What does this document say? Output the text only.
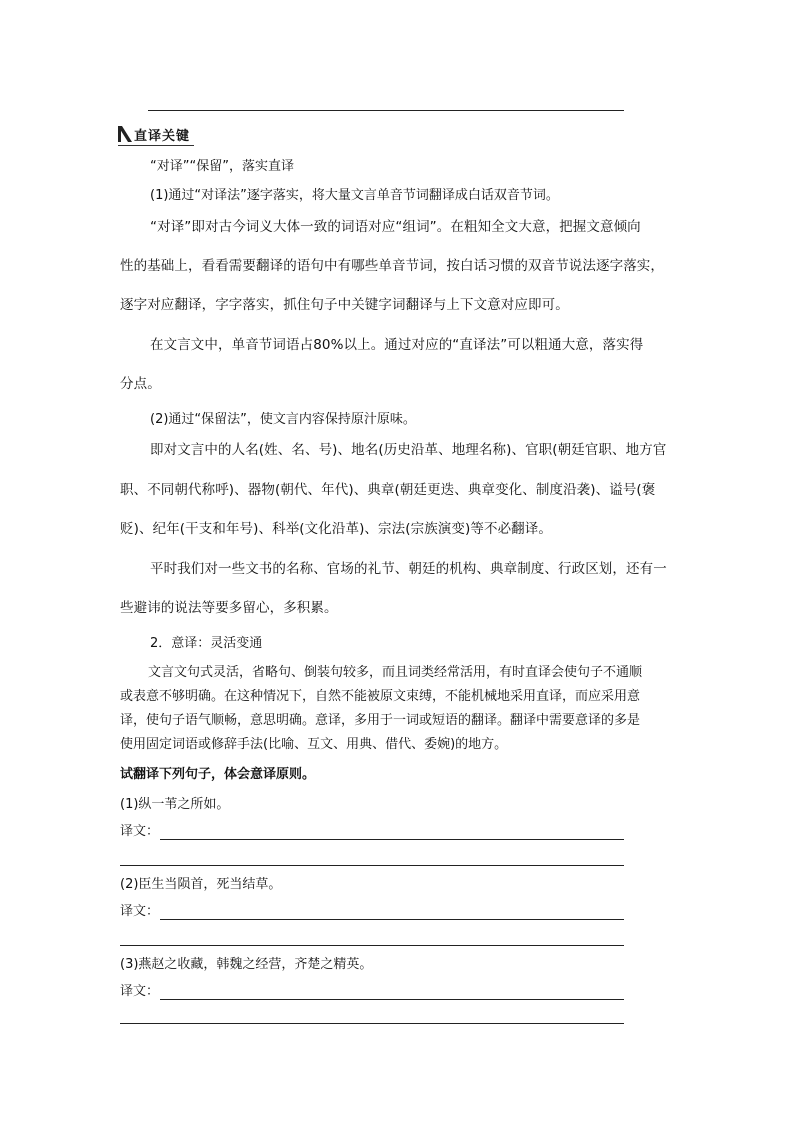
直译关键
“对译”“保留”，落实直译
(1)通过“对译法”逐字落实，将大量文言单音节词翻译成白话双音节词。
“对译”即对古今词义大体一致的词语对应“组词”。在粗知全文大意，把握文意倾向
性的基础上，看看需要翻译的语句中有哪些单音节词，按白话习惯的双音节说法逐字落实，
逐字对应翻译，字字落实，抓住句子中关键字词翻译与上下文意对应即可。
在文言文中，单音节词语占80%以上。通过对应的“直译法”可以粗通大意，落实得
分点。
(2)通过“保留法”，使文言内容保持原汁原味。
即对文言中的人名(姓、名、号)、地名(历史沿革、地理名称)、官职(朝廷官职、地方官
职、不同朝代称呼)、器物(朝代、年代)、典章(朝廷更迭、典章变化、制度沿袭)、谥号(褒
贬)、纪年(干支和年号)、科举(文化沿革)、宗法(宗族演变)等不必翻译。
平时我们对一些文书的名称、官场的礼节、朝廷的机构、典章制度、行政区划，还有一
些避讳的说法等要多留心，多积累。
2．意译：灵活变通
文言文句式灵活，省略句、倒装句较多，而且词类经常活用，有时直译会使句子不通顺
或表意不够明确。在这种情况下，自然不能被原文束缚，不能机械地采用直译，而应采用意
译，使句子语气顺畅，意思明确。意译，多用于一词或短语的翻译。翻译中需要意译的多是
使用固定词语或修辞手法(比喻、互文、用典、借代、委婉)的地方。
试翻译下列句子，体会意译原则。
(1)纵一苇之所如。
译文：
(2)臣生当陨首，死当结草。
译文：
(3)燕赵之收藏，韩魏之经营，齐楚之精英。
译文：
